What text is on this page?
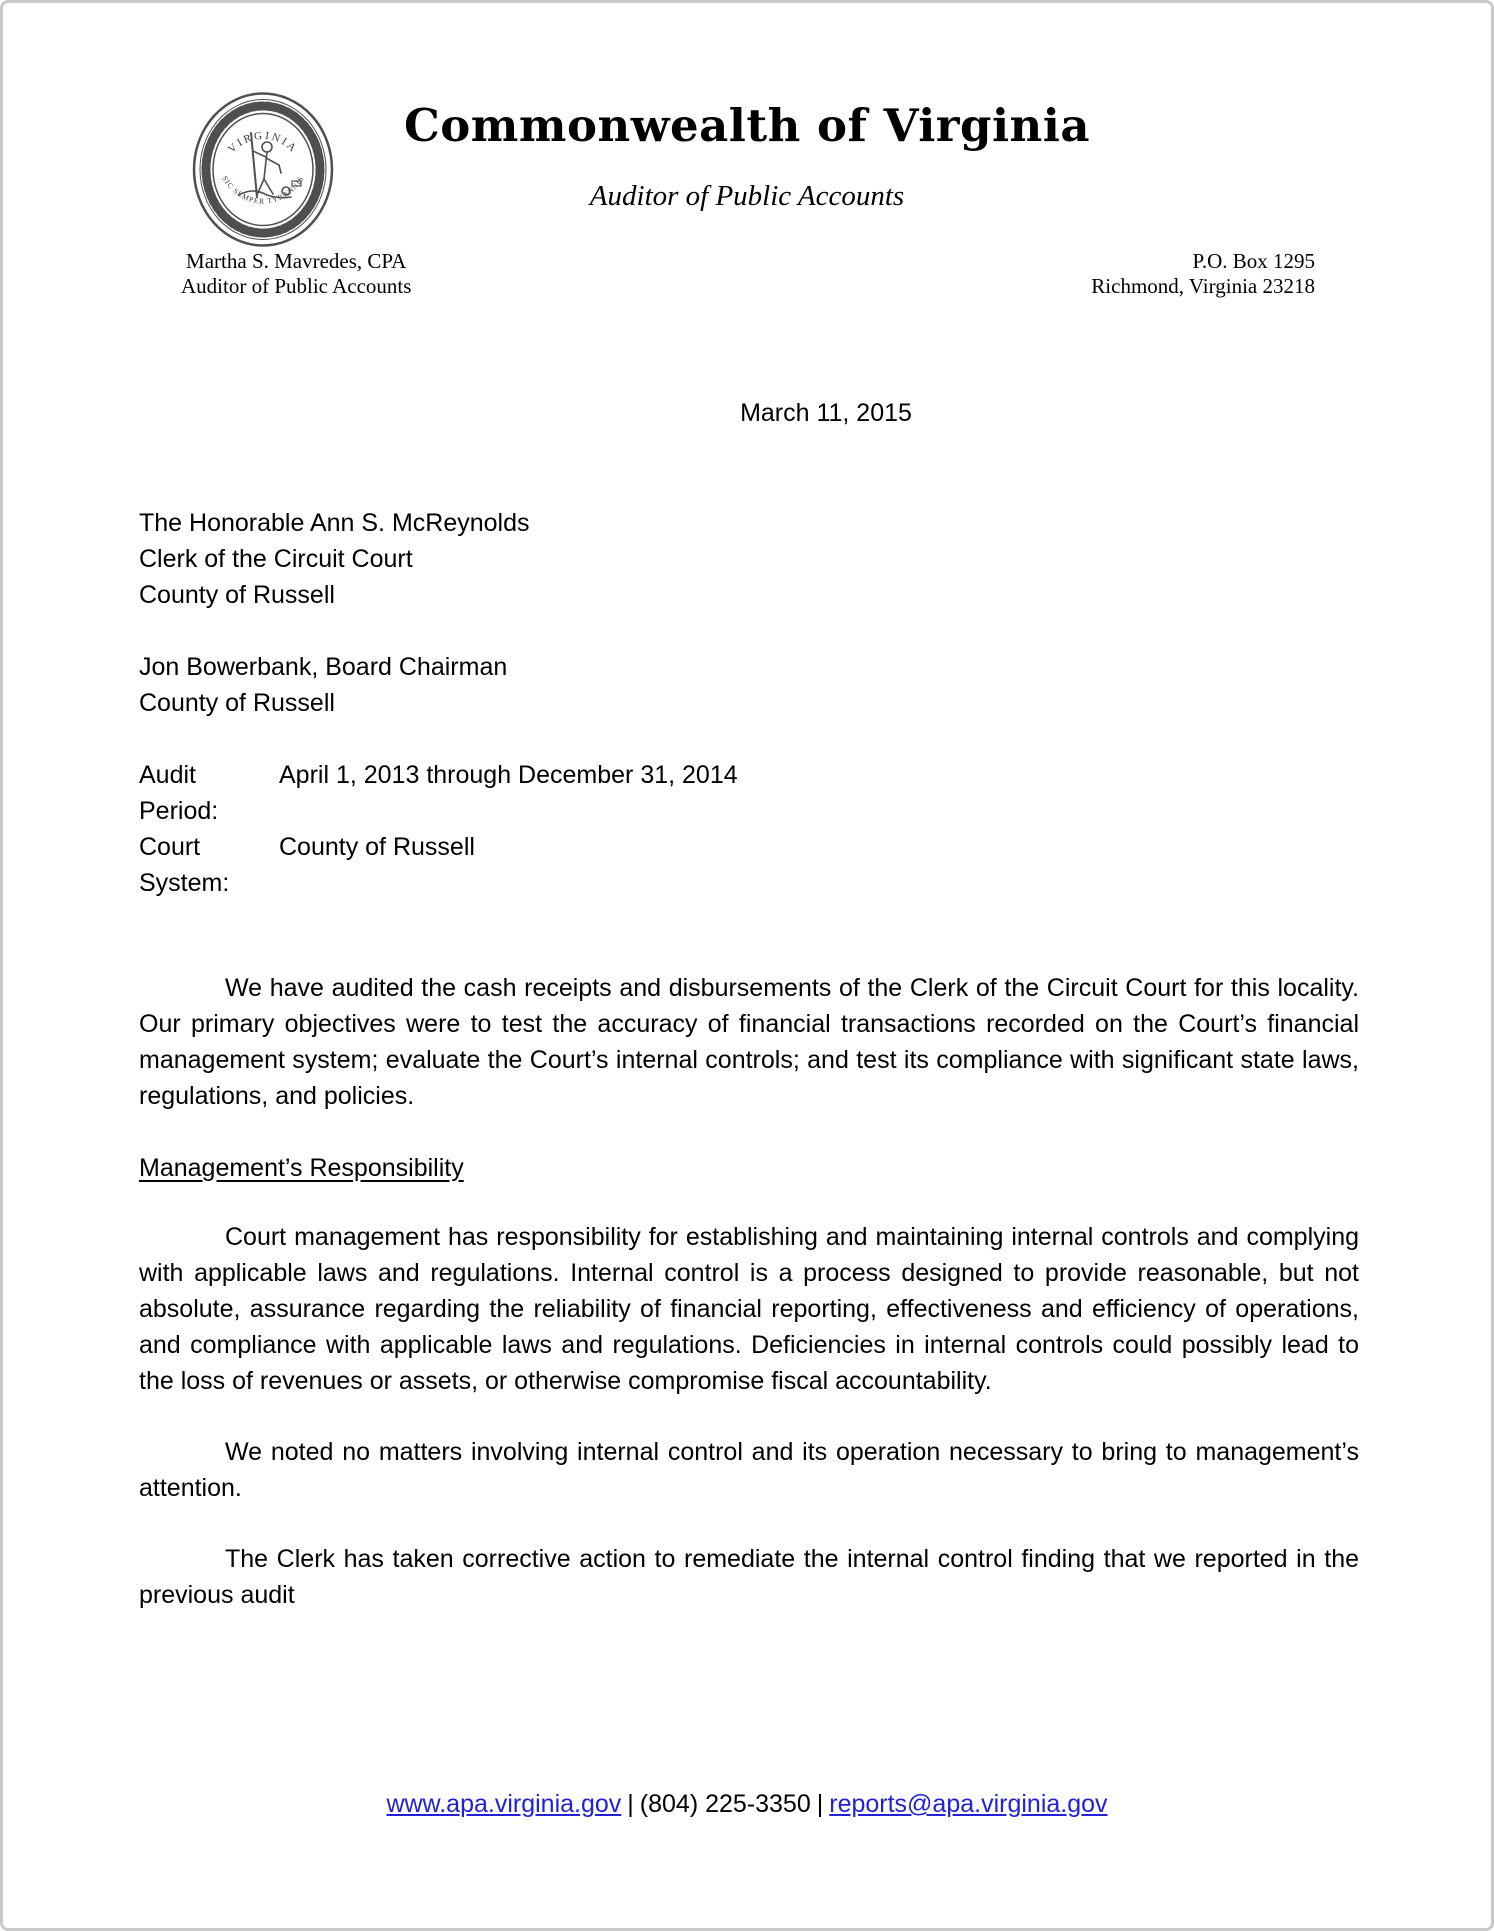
VIRGINIA
SIC SEMPER TYRANNIS
Commonwealth of Virginia
Auditor of Public Accounts
Martha S. Mavredes, CPA
Auditor of Public Accounts
P.O. Box 1295
Richmond, Virginia 23218
March 11, 2015
The Honorable Ann S. McReynolds
Clerk of the Circuit Court
County of Russell
Jon Bowerbank, Board Chairman
County of Russell
Audit Period:
April 1, 2013 through December 31, 2014
Court System:
County of Russell

We have audited the cash receipts and disbursements of the Clerk of the Circuit Court for this locality. Our primary objectives were to test the accuracy of financial transactions recorded on the Court’s financial management system; evaluate the Court’s internal controls; and test its compliance with significant state laws, regulations, and policies.

Management’s Responsibility

Court management has responsibility for establishing and maintaining internal controls and complying with applicable laws and regulations. Internal control is a process designed to provide reasonable, but not absolute, assurance regarding the reliability of financial reporting, effectiveness and efficiency of operations, and compliance with applicable laws and regulations. Deficiencies in internal controls could possibly lead to the loss of revenues or assets, or otherwise compromise fiscal accountability.

We noted no matters involving internal control and its operation necessary to bring to management’s attention.

The Clerk has taken corrective action to remediate the internal control finding that we reported in the previous audit

www.apa.virginia.gov | (804) 225-3350 | reports@apa.virginia.gov
